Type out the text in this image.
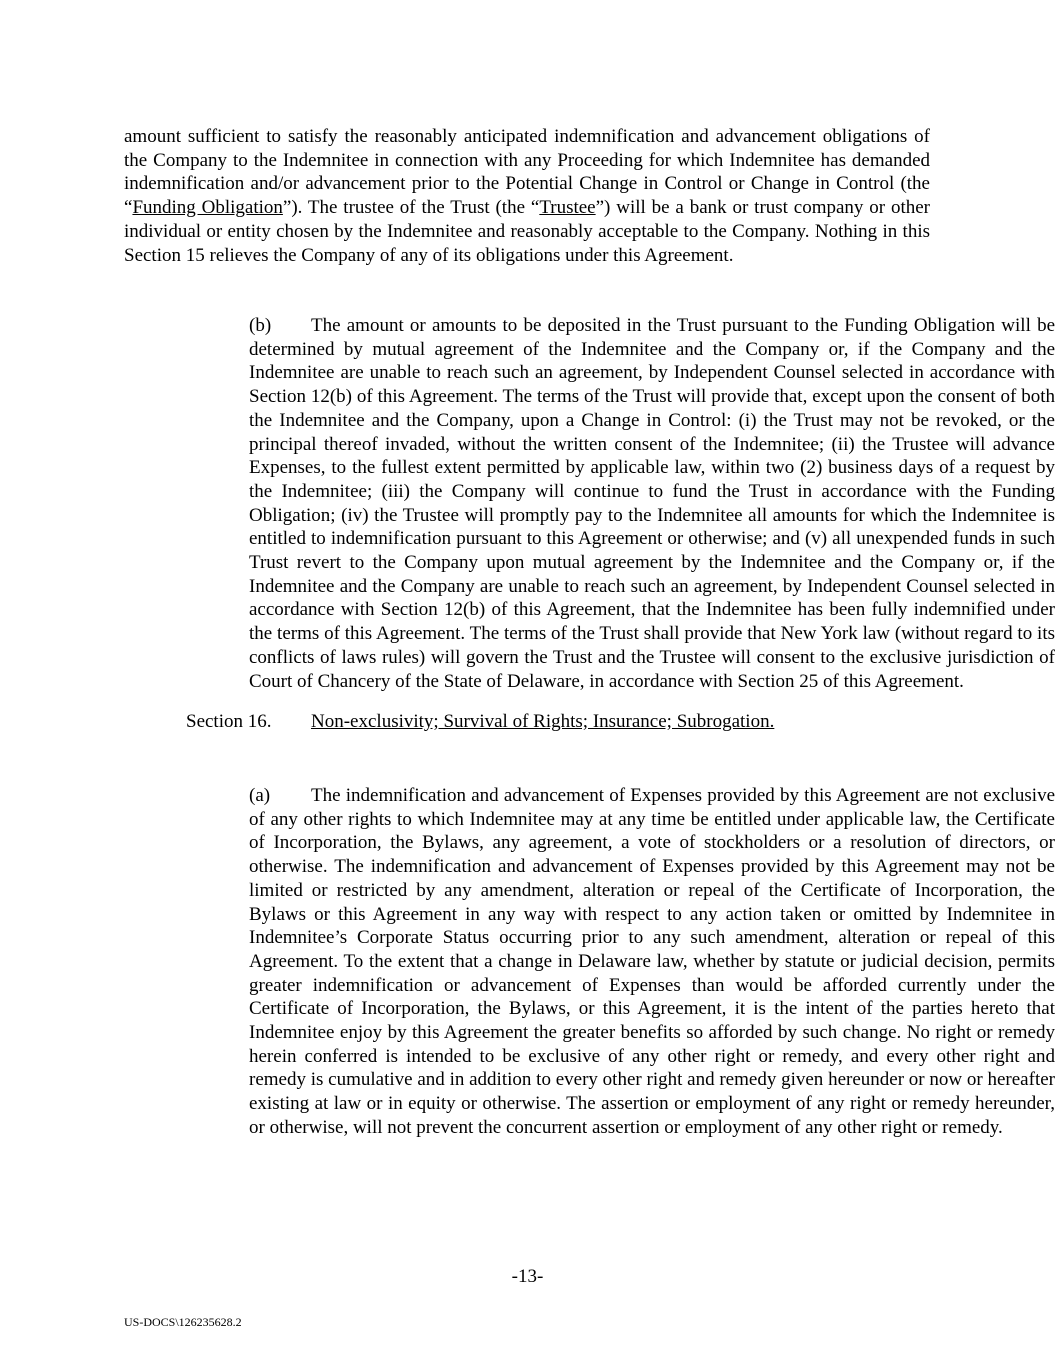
amount sufficient to satisfy the reasonably anticipated indemnification and advancement obligations of the Company to the Indemnitee in connection with any Proceeding for which Indemnitee has demanded indemnification and/or advancement prior to the Potential Change in Control or Change in Control (the “Funding Obligation”). The trustee of the Trust (the “Trustee”) will be a bank or trust company or other individual or entity chosen by the Indemnitee and reasonably acceptable to the Company. Nothing in this Section 15 relieves the Company of any of its obligations under this Agreement.

(b) The amount or amounts to be deposited in the Trust pursuant to the Funding Obligation will be determined by mutual agreement of the Indemnitee and the Company or, if the Company and the Indemnitee are unable to reach such an agreement, by Independent Counsel selected in accordance with Section 12(b) of this Agreement. The terms of the Trust will provide that, except upon the consent of both the Indemnitee and the Company, upon a Change in Control: (i) the Trust may not be revoked, or the principal thereof invaded, without the written consent of the Indemnitee; (ii) the Trustee will advance Expenses, to the fullest extent permitted by applicable law, within two (2) business days of a request by the Indemnitee; (iii) the Company will continue to fund the Trust in accordance with the Funding Obligation; (iv) the Trustee will promptly pay to the Indemnitee all amounts for which the Indemnitee is entitled to indemnification pursuant to this Agreement or otherwise; and (v) all unexpended funds in such Trust revert to the Company upon mutual agreement by the Indemnitee and the Company or, if the Indemnitee and the Company are unable to reach such an agreement, by Independent Counsel selected in accordance with Section 12(b) of this Agreement, that the Indemnitee has been fully indemnified under the terms of this Agreement. The terms of the Trust shall provide that New York law (without regard to its conflicts of laws rules) will govern the Trust and the Trustee will consent to the exclusive jurisdiction of Court of Chancery of the State of Delaware, in accordance with Section 25 of this Agreement.

Section 16. Non-exclusivity; Survival of Rights; Insurance; Subrogation.

(a) The indemnification and advancement of Expenses provided by this Agreement are not exclusive of any other rights to which Indemnitee may at any time be entitled under applicable law, the Certificate of Incorporation, the Bylaws, any agreement, a vote of stockholders or a resolution of directors, or otherwise. The indemnification and advancement of Expenses provided by this Agreement may not be limited or restricted by any amendment, alteration or repeal of the Certificate of Incorporation, the Bylaws or this Agreement in any way with respect to any action taken or omitted by Indemnitee in Indemnitee’s Corporate Status occurring prior to any such amendment, alteration or repeal of this Agreement. To the extent that a change in Delaware law, whether by statute or judicial decision, permits greater indemnification or advancement of Expenses than would be afforded currently under the Certificate of Incorporation, the Bylaws, or this Agreement, it is the intent of the parties hereto that Indemnitee enjoy by this Agreement the greater benefits so afforded by such change. No right or remedy herein conferred is intended to be exclusive of any other right or remedy, and every other right and remedy is cumulative and in addition to every other right and remedy given hereunder or now or hereafter existing at law or in equity or otherwise. The assertion or employment of any right or remedy hereunder, or otherwise, will not prevent the concurrent assertion or employment of any other right or remedy.

-13-

US-DOCS\126235628.2
